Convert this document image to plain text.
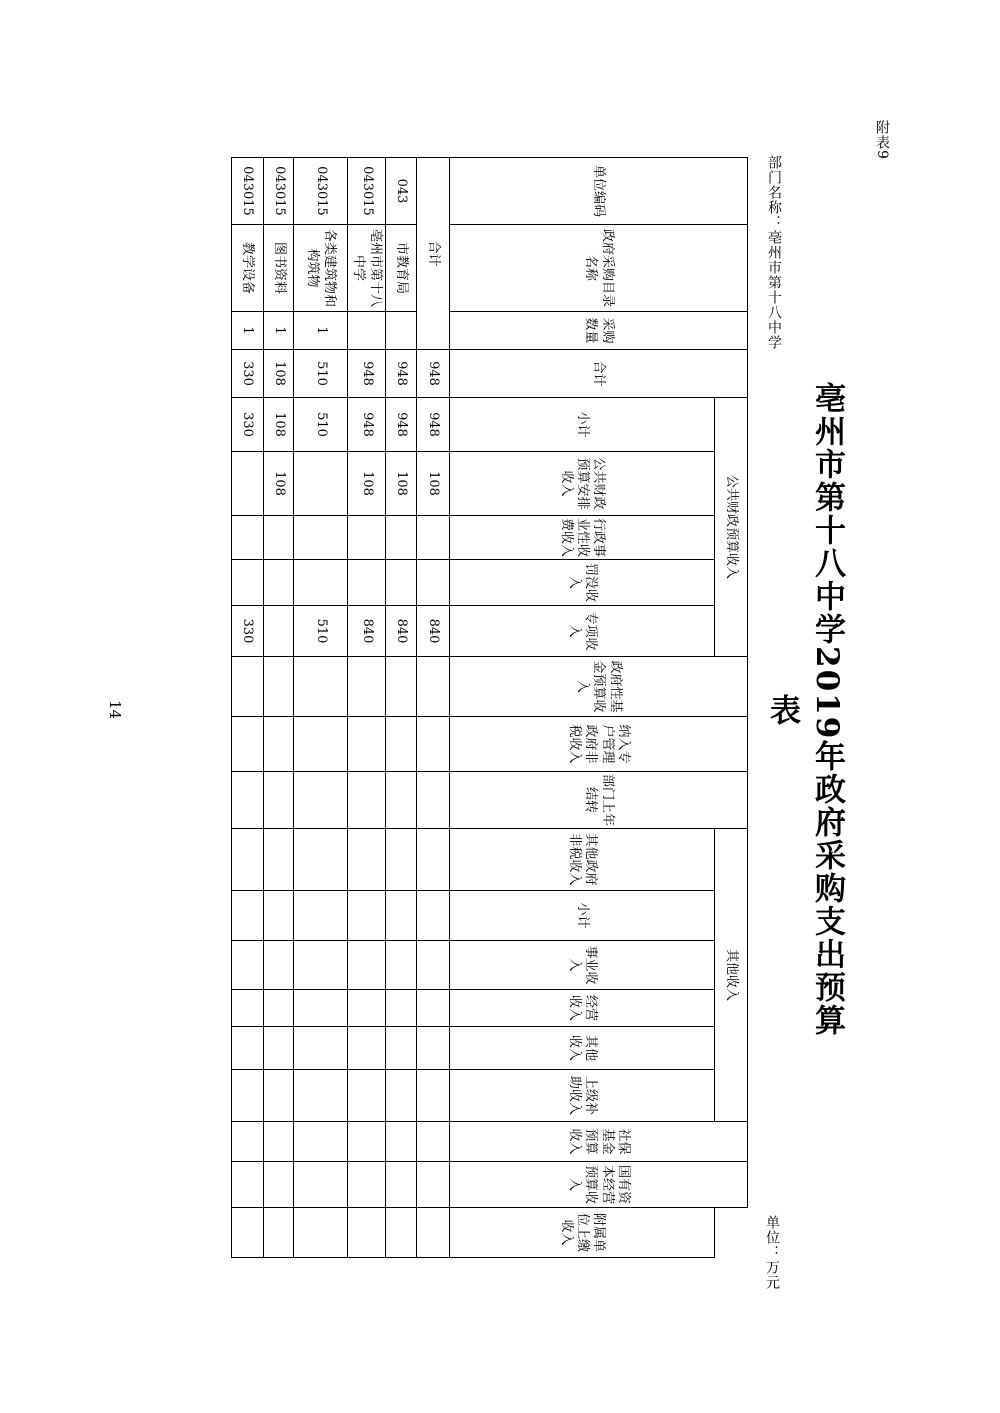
附表9
亳州市第十八中学2019年政府采购支出预算表
部门名称：亳州市第十八中学
单位：万元
14
单位编码	政府采购目录名称	采购数量	合计	公共财政预算收入					政府性基金预算收入	纳入专户管理政府非税收入	部门上年结转	其他收入						社保基金预算收入	国有资本经营预算收入	
				小计	公共财政预算安排收入	行政事业性收费收入	罚没收入	专项收入				其他政府非税收入	小计	事业收入	经营收入	其他收入	上级补助收入			附属单位上缴收入
合计			948	948	108			840												
043	市教育局		948	948	108			840												
043015	亳州市第十八中学		948	948	108			840												
043015	各类建筑物和构筑物	1	510	510				510												
043015	图书资料	1	108	108	108															
043015	教学设备	1	330	330				330												
